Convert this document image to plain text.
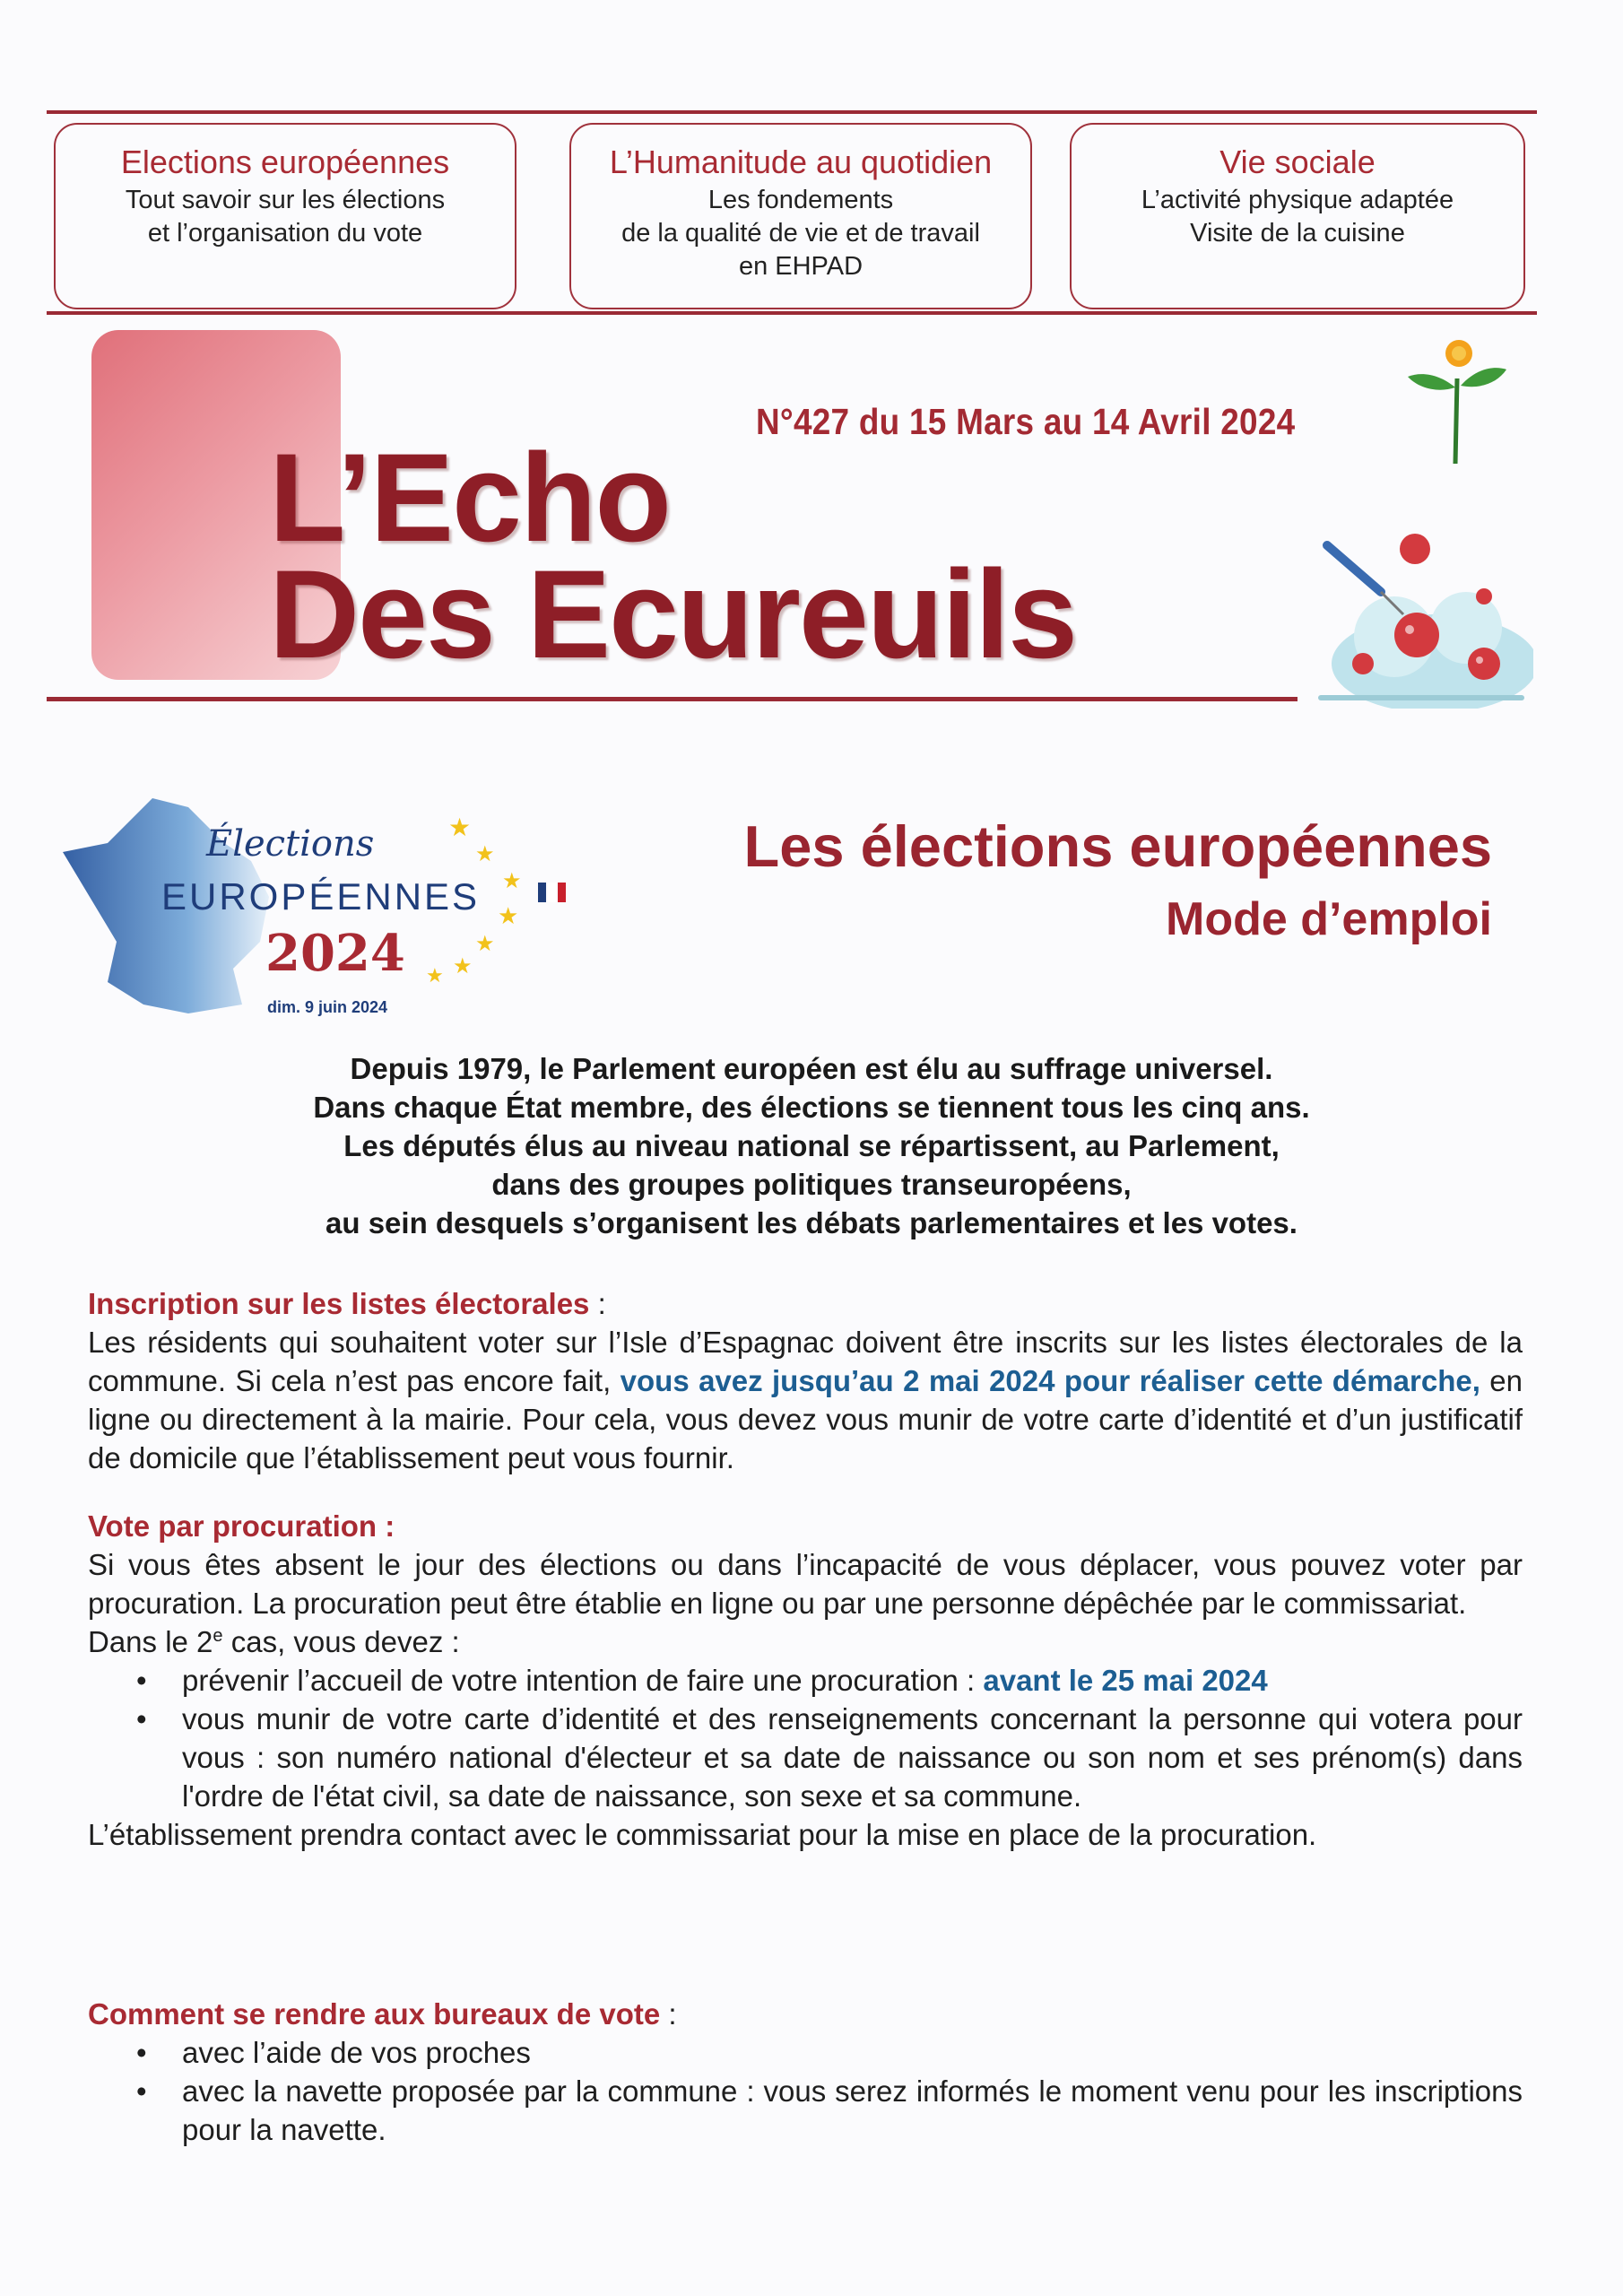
Elections européennes
Tout savoir sur les élections
et l’organisation du vote
L’Humanitude au quotidien
Les fondements
de la qualité de vie et de travail
en EHPAD
Vie sociale
L’activité physique adaptée
Visite de la cuisine
N°427 du 15 Mars au 14 Avril 2024
L’Echo
Des Ecureuils
★
★
★
★
★
★
★
Élections
EUROPÉENNES
2024
dim. 9 juin 2024
Les élections européennes
Mode d’emploi
Depuis 1979, le Parlement européen est élu au suffrage universel.
Dans chaque État membre, des élections se tiennent tous les cinq ans.
Les députés élus au niveau national se répartissent, au Parlement,
dans des groupes politiques transeuropéens,
au sein desquels s’organisent les débats parlementaires et les votes.
Inscription sur les listes électorales :
Les résidents qui souhaitent voter sur l’Isle d’Espagnac doivent être inscrits sur les listes électorales de la commune. Si cela n’est pas encore fait, vous avez jusqu’au 2 mai 2024 pour réaliser cette démarche, en ligne ou directement à la mairie. Pour cela, vous devez vous munir de votre carte d’identité et d’un justificatif de domicile que l’établissement peut vous fournir.
Vote par procuration :
Si vous êtes absent le jour des élections ou dans l’incapacité de vous déplacer, vous pouvez voter par procuration. La procuration peut être établie en ligne ou par une personne dépêchée par le commissariat.
Dans le 2e cas, vous devez :
• prévenir l’accueil de votre intention de faire une procuration : avant le 25 mai 2024
• vous munir de votre carte d’identité et des renseignements concernant la personne qui votera pour vous : son numéro national d'électeur et sa date de naissance ou son nom et ses prénom(s) dans l'ordre de l'état civil, sa date de naissance, son sexe et sa commune.
L’établissement prendra contact avec le commissariat pour la mise en place de la procuration.
Comment se rendre aux bureaux de vote :
• avec l’aide de vos proches
• avec la navette proposée par la commune : vous serez informés le moment venu pour les inscriptions pour la navette.
